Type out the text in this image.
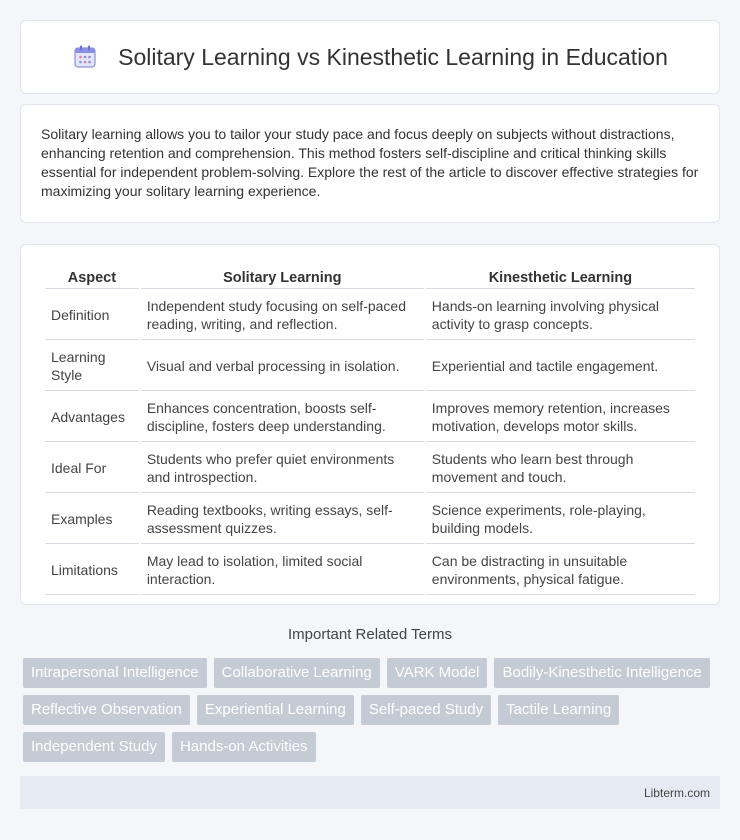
Solitary Learning vs Kinesthetic Learning in Education

Solitary learning allows you to tailor your study pace and focus deeply on subjects without distractions, enhancing retention and comprehension. This method fosters self-discipline and critical thinking skills essential for independent problem-solving. Explore the rest of the article to discover effective strategies for maximizing your solitary learning experience.

Aspect	Solitary Learning	Kinesthetic Learning
Definition	Independent study focusing on self-paced reading, writing, and reflection.	Hands-on learning involving physical activity to grasp concepts.
Learning Style	Visual and verbal processing in isolation.	Experiential and tactile engagement.
Advantages	Enhances concentration, boosts self-discipline, fosters deep understanding.	Improves memory retention, increases motivation, develops motor skills.
Ideal For	Students who prefer quiet environments and introspection.	Students who learn best through movement and touch.
Examples	Reading textbooks, writing essays, self-assessment quizzes.	Science experiments, role-playing, building models.
Limitations	May lead to isolation, limited social interaction.	Can be distracting in unsuitable environments, physical fatigue.
Important Related Terms
Intrapersonal Intelligence	Collaborative Learning	VARK Model	Bodily-Kinesthetic Intelligence
Reflective Observation	Experiential Learning	Self-paced Study	Tactile Learning
Independent Study	Hands-on Activities
Libterm.com
